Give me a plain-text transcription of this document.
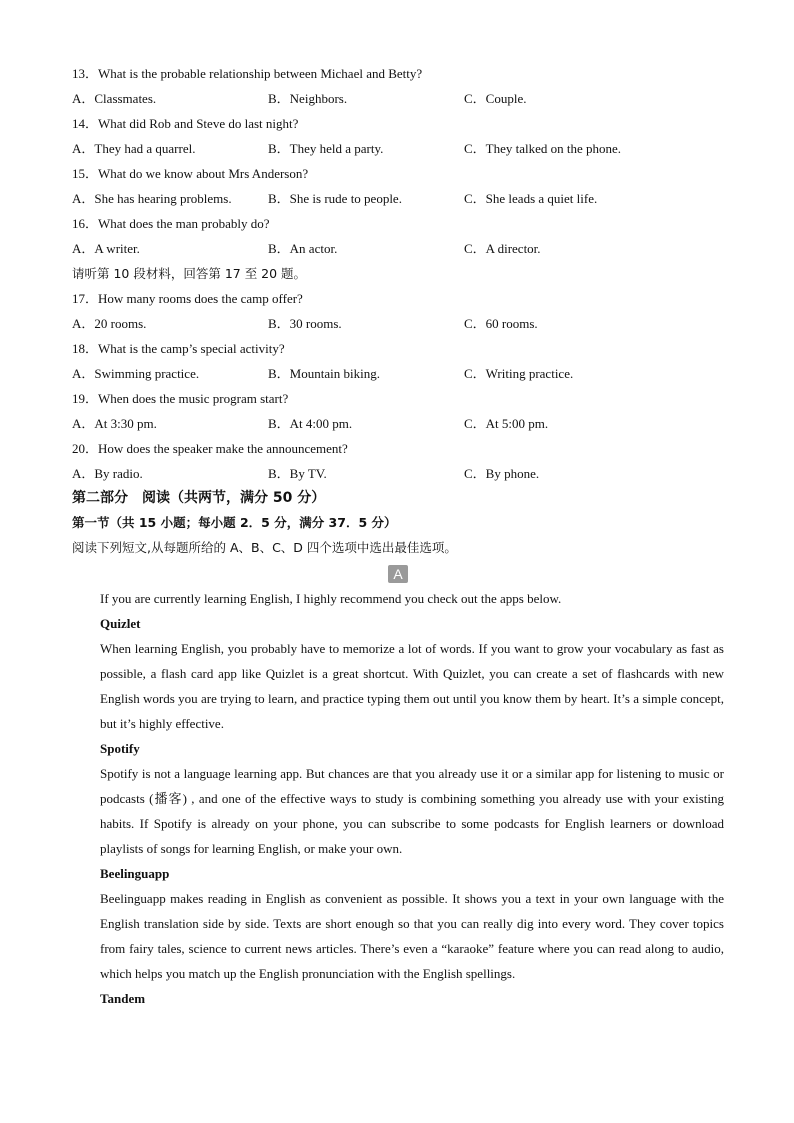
13．What is the probable relationship between Michael and Betty?
A．Classmates.	B．Neighbors.	C．Couple.
14．What did Rob and Steve do last night?
A．They had a quarrel.	B．They held a party.	C．They talked on the phone.
15．What do we know about Mrs Anderson?
A．She has hearing problems.	B．She is rude to people.	C．She leads a quiet life.
16．What does the man probably do?
A．A writer.	B．An actor.	C．A director.
请听第 10 段材料，回答第 17 至 20 题。
17．How many rooms does the camp offer?
A．20 rooms.	B．30 rooms.	C．60 rooms.
18．What is the camp’s special activity?
A．Swimming practice.	B．Mountain biking.	C．Writing practice.
19．When does the music program start?
A．At 3:30 pm.	B．At 4:00 pm.	C．At 5:00 pm.
20．How does the speaker make the announcement?
A．By radio.	B．By TV.	C．By phone.
第二部分　阅读（共两节，满分 50 分）
第一节（共 15 小题；每小题 2．5 分，满分 37．5 分）
阅读下列短文,从每题所给的 A、B、C、D 四个选项中选出最佳选项。
A
If you are currently learning English, I highly recommend you check out the apps below.
Quizlet
When learning English, you probably have to memorize a lot of words. If you want to grow your vocabulary as fast as possible, a flash card app like Quizlet is a great shortcut. With Quizlet, you can create a set of flashcards with new English words you are trying to learn, and practice typing them out until you know them by heart. It’s a simple concept, but it’s highly effective.
Spotify
Spotify is not a language learning app. But chances are that you already use it or a similar app for listening to music or podcasts (播客) , and one of the effective ways to study is combining something you already use with your existing habits. If Spotify is already on your phone, you can subscribe to some podcasts for English learners or download playlists of songs for learning English, or make your own.
Beelinguapp
Beelinguapp makes reading in English as convenient as possible. It shows you a text in your own language with the English translation side by side. Texts are short enough so that you can really dig into every word. They cover topics from fairy tales, science to current news articles. There’s even a “karaoke” feature where you can read along to audio, which helps you match up the English pronunciation with the English spellings.
Tandem
